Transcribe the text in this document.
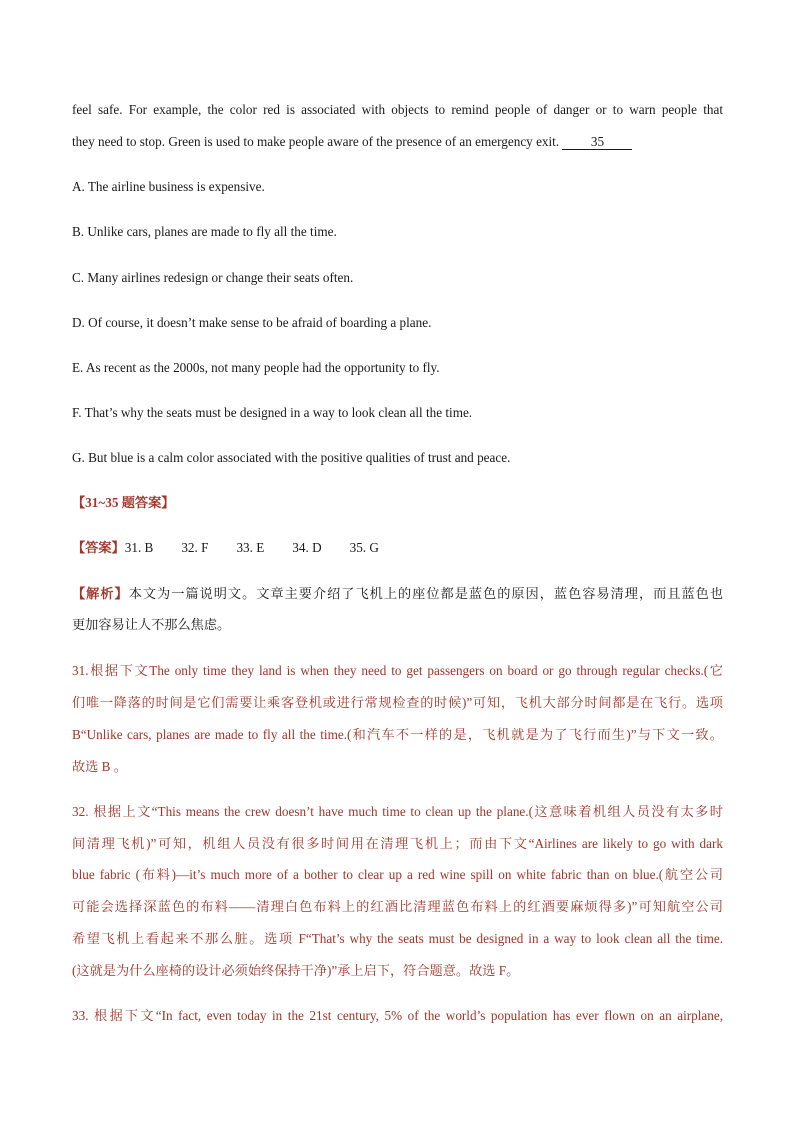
feel safe. For example, the color red is associated with objects to remind people of danger or to warn people that
they need to stop. Green is used to make people aware of the presence of an emergency exit. 35
A. The airline business is expensive.
B. Unlike cars, planes are made to fly all the time.
C. Many airlines redesign or change their seats often.
D. Of course, it doesn’t make sense to be afraid of boarding a plane.
E. As recent as the 2000s, not many people had the opportunity to fly.
F. That’s why the seats must be designed in a way to look clean all the time.
G. But blue is a calm color associated with the positive qualities of trust and peace.
【31~35 题答案】
【答案】31. B 32. F 33. E 34. D 35. G
【解析】本文为一篇说明文。文章主要介绍了飞机上的座位都是蓝色的原因，蓝色容易清理，而且蓝色也
更加容易让人不那么焦虑。
31.根据下文The only time they land is when they need to get passengers on board or go through regular checks.(它
们唯一降落的时间是它们需要让乘客登机或进行常规检查的时候)”可知，飞机大部分时间都是在飞行。选项
B“Unlike cars, planes are made to fly all the time.(和汽车不一样的是，飞机就是为了飞行而生)”与下文一致。
故选 B 。
32. 根据上文“This means the crew doesn’t have much time to clean up the plane.(这意味着机组人员没有太多时
间清理飞机)”可知，机组人员没有很多时间用在清理飞机上；而由下文“Airlines are likely to go with dark
blue fabric (布料)—it’s much more of a bother to clear up a red wine spill on white fabric than on blue.(航空公司
可能会选择深蓝色的布料——清理白色布料上的红酒比清理蓝色布料上的红酒要麻烦得多)”可知航空公司
希望飞机上看起来不那么脏。选项 F“That’s why the seats must be designed in a way to look clean all the time.
(这就是为什么座椅的设计必须始终保持干净)”承上启下，符合题意。故选 F。
33. 根据下文“In fact, even today in the 21st century, 5% of the world’s population has ever flown on an airplane,
